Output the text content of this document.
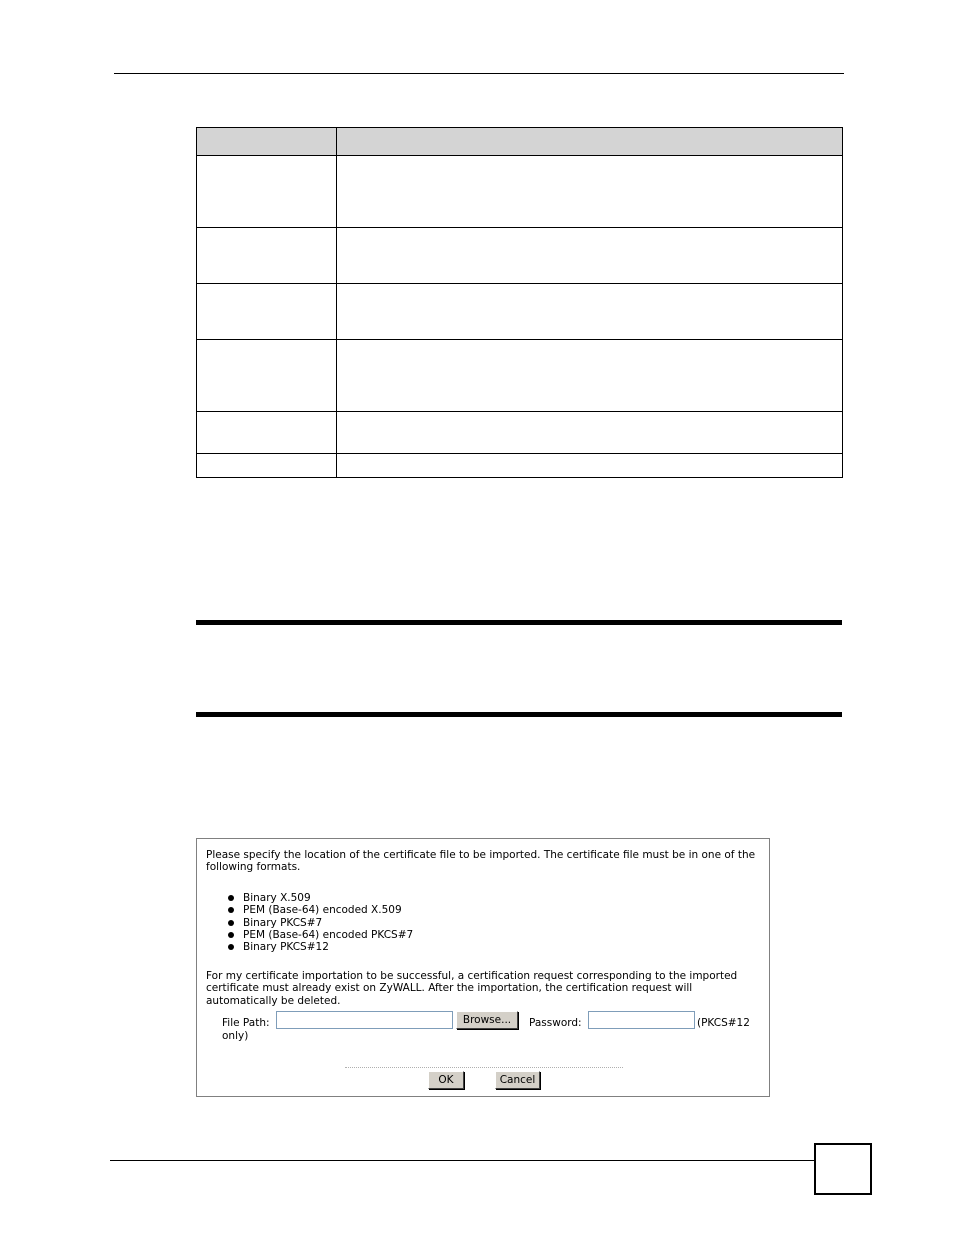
Please specify the location of the certificate file to be imported. The certificate file must be in one of the following formats.
Binary X.509
PEM (Base-64) encoded X.509
Binary PKCS#7
PEM (Base-64) encoded PKCS#7
Binary PKCS#12
For my certificate importation to be successful, a certification request corresponding to the imported certificate must already exist on ZyWALL. After the importation, the certification request will automatically be deleted.
File Path:	Browse...	Password:	(PKCS#12
only)
OK	Cancel
